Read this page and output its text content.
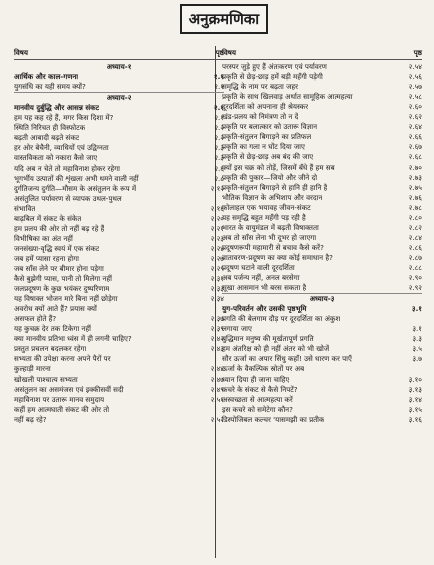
अनुक्रमणिका
विषय	पृष्ठ
अध्याय-१
आर्थिक और काल-गणना	१.१
युगसंधि का यही समय क्यों?	१.१
अध्याय-२
मानवीय दुर्बुद्धि और आसन्न संकट	२.१
हम यह कह रहे हैं, मगर किस दिशा में?	२.१
स्थिति निरिचत ही विस्फोटक	२.२
बढ़ती आबादी बढ़ते संकट	२.२
हर ओर बेचैनी, व्याधियों एवं उद्विग्नता	२.३
वास्तविकता को नकारा कैसे जाए	२.३
यदि अब न चेते तो महाविनाश होकर रहेगा	२.६
भूगर्भीय उत्पातों की शृंखला अभी थमने वाली नहीं	२.८
दुर्गतिजन्य दुर्गति—मौसम के असंतुलन के रूप में	२.१२
असंतुलित पर्यावरण से व्यापक उथल-पुथल
संभावित	२.१६
बाढ़बिल में संकट के संकेत	२.२०
हम प्रलय की ओर तो नहीं बढ़ रहे हैं	२.२१
विभीषिका का अंत नहीं	२.२३
जनसंख्या-वृद्धि स्वयं में एक संकट	२.२४
जब हमें प्यासा रहना होगा	२.२७
जब साँस लेने पर बीमार होना पड़ेगा	२.२९
कैसे बुझेगी प्यास, पानी तो मिलेगा नहीं	२.३१
जलप्रदूषण के कुछ भयंकर दुष्परिणाम	२.३३
यह विषाक्त भोजन मारे बिना नहीं छोड़ेगा	२.३४
अवरोध क्यों आते हैं? प्रयास क्यों
असफल होते हैं?	२.३७
यह कुचक्र देर तक टिकेगा नहीं	२.३९
क्या मानवीय प्रतिभा ध्वंस में ही लगनी चाहिए?	२.४२
प्रस्तुत प्रचलन बदलकर रहेगा	२.४३
सभ्यता की उपेक्षा करना अपने पैरों पर
कुल्हाड़ी मारना	२.४४
खोखली पाश्चात्य सभ्यता	२.४७
असंतुलन का असमंजस एवं इक्कीसवीं सदी	२.४९
महाविनाश पर उतारू मानव समुदाय	२.५१
कहीं हम आत्मघाती संकट की ओर तो
नहीं बढ़ रहे?	२.५२
विषय	पृष्ठ
परस्पर जुड़े हुए हैं अंतःकरण एवं पर्यावरण	२.५४
प्रकृति से छेड़-छाड़ हमें बड़ी महँगी पड़ेगी	२.५६
समृद्धि के नाम पर बढ़ता जहर	२.५७
प्रकृति के साथ खिलवाड़ अर्थात सामूहिक आत्महत्या	२.५८
दूरदर्शिता को अपनाना ही श्रेयस्कर	२.६०
खंड-प्रलय को निमंत्रण तो न दें	२.६२
प्रकृति पर बलात्कार को उतारू विज्ञान	२.६४
प्रकृति-संतुलन बिगाड़ने का प्रतिफल	२.६६
प्रकृति का गला न घोंट दिया जाए	२.६७
प्रकृति से छेड़-छाड़ अब बंद की जाए	२.६८
क्यों इस चक्र को तोड़ें, जिसमें बँधे हैं हम सब	२.७०
प्रकृति की पुकार—जियो और जीने दो	२.७३
प्रकृति-संतुलन बिगाड़ने से हानि ही हानि है	२.७५
भौतिक विज्ञान के अभिशाप और वरदान	२.७६
कोलाहल एक भयावह जीवन-संकट	२.७८
यह समृद्धि बहुत महँगी पड़ रही है	२.८०
भारत के वायुमंडल में बढ़ती विषाक्तता	२.८२
अब तो साँस लेना भी दूभर हो जाएगा	२.८४
प्रदूषणरूपी महामारी से बचाव कैसे करें?	२.८६
वातावरण-प्रदूषण का क्या कोई समाधान है?	२.८७
प्रदूषण घटाने वाली दूरदर्शिता	२.८८
अब पर्जन्य नहीं, अनल बरसेगा	२.९०
सूखा आसमान भी बरस सकता है	२.९२
अध्याय-३
युग-परिवर्तन और उसकी पृष्ठभूमि	३.१
प्रगति की बेलगाम दौड़ पर दूरदर्शिता का अंकुश
लगाया जाए	३.१
बुद्धिमान मनुष्य की मूर्खतापूर्ण प्रगति	३.३
हम अंतरिक्ष को ही नहीं अंतर को भी खोजें	३.५
सौर ऊर्जा का अपार सिंधु कहाँ! उसे धारण कर पाएँ	३.७
ऊर्जा के वैकल्पिक स्रोतों पर अब
ध्यान दिया ही जाना चाहिए	३.१०
कचरे के संकट से कैसे निपटें?	३.१३
अस्वच्छता से आत्महत्या करें	३.१४
इस कचरे को समेटेगा कौन?	३.१५
डिस्पोजिबल कल्चर 'यासमझी का प्रतीक	३.१६
